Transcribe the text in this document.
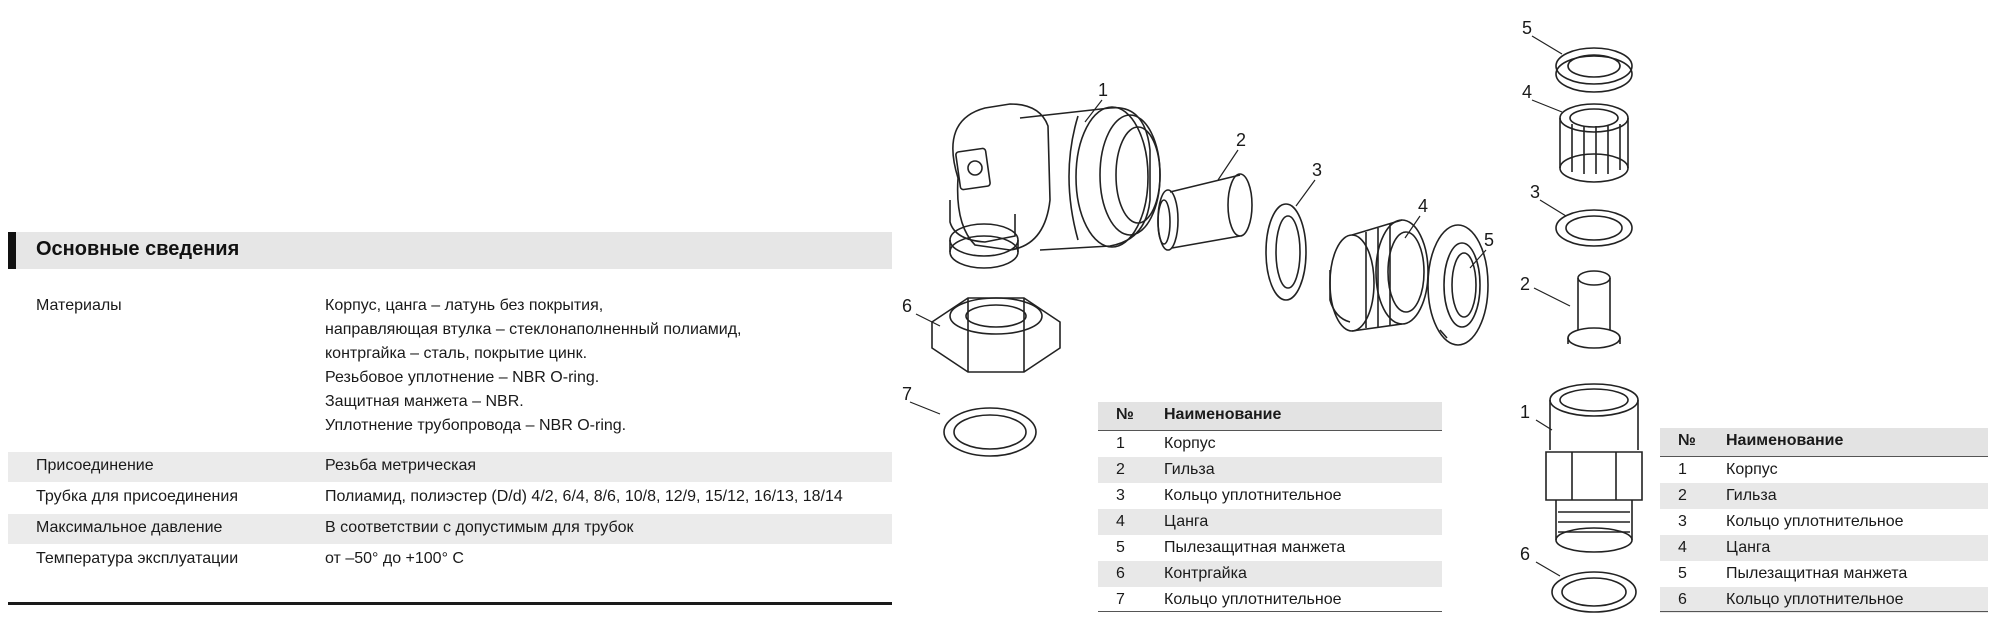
Основные сведения
Материалы	Корпус, цанга – латунь без покрытия,
направляющая втулка – стеклонаполненный полиамид,
контргайка – сталь, покрытие цинк.
Резьбовое уплотнение – NBR O-ring.
Защитная манжета – NBR.
Уплотнение трубопровода – NBR O-ring.
Присоединение	Резьба метрическая
Трубка для присоединения	Полиамид, полиэстер (D/d) 4/2, 6/4, 8/6, 10/8, 12/9, 15/12, 16/13, 18/14
Максимальное давление	В соответствии с допустимым для трубок
Температура эксплуатации	от –50° до +100° C
1
2
3
4
5
6
7
5
4
3
2
1
6
№ Наименование
1 Корпус
2 Гильза
3 Кольцо уплотнительное
4 Цанга
5 Пылезащитная манжета
6 Контргайка
7 Кольцо уплотнительное
№ Наименование
1 Корпус
2 Гильза
3 Кольцо уплотнительное
4 Цанга
5 Пылезащитная манжета
6 Кольцо уплотнительное
